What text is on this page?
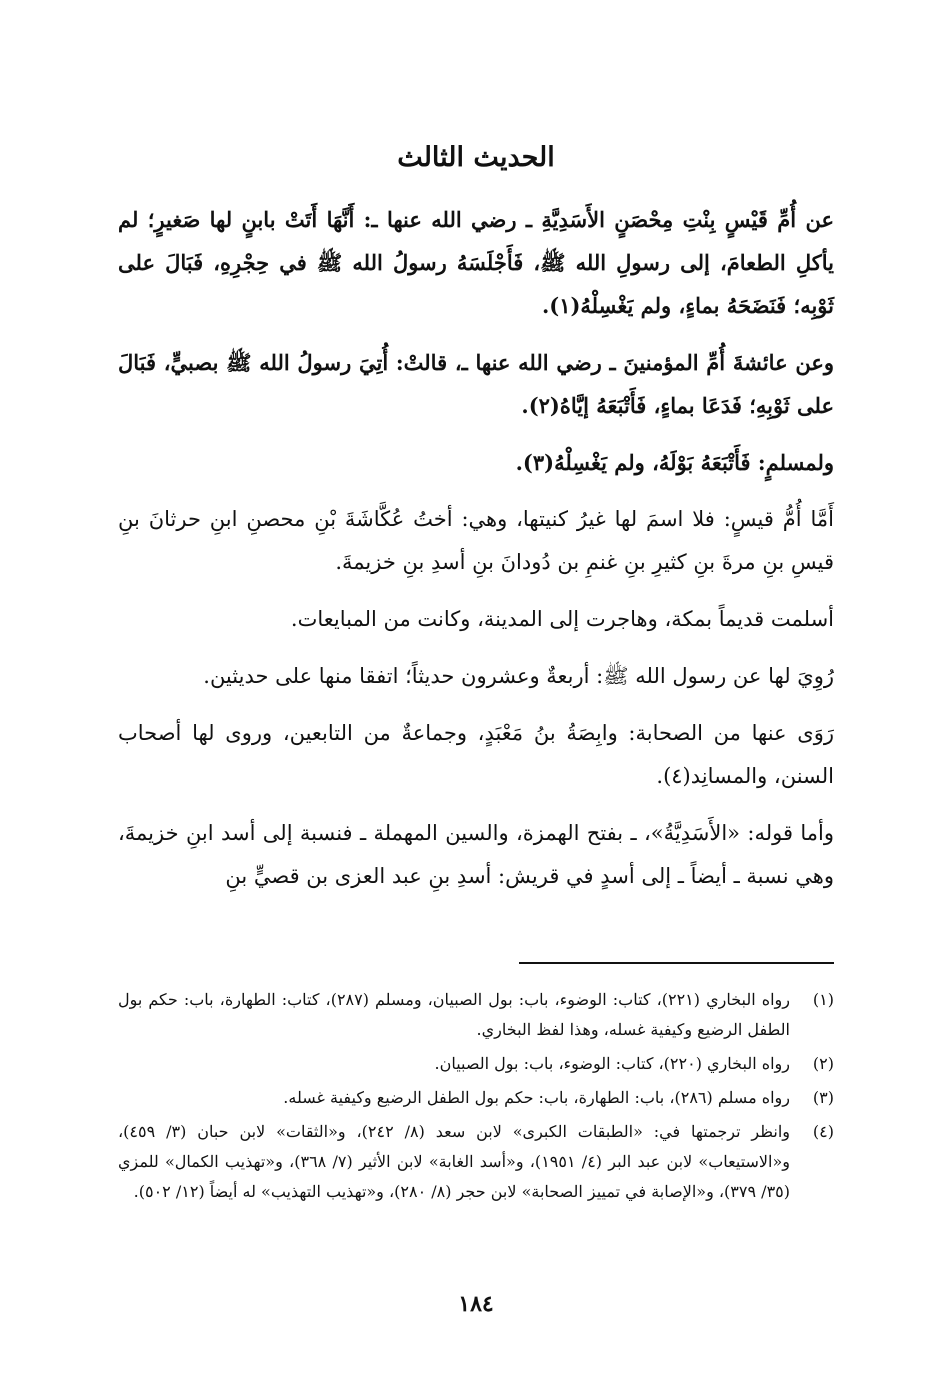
الحديث الثالث

عن أُمِّ قَيْسٍ بِنْتِ مِحْصَنٍ الأَسَدِيَّةِ ـ رضي الله عنها ـ: أَنَّهَا أَتَتْ بابنٍ لها صَغيرٍ؛ لم يأكلِ الطعامَ، إلى رسولِ الله ﷺ، فَأَجْلَسَهُ رسولُ الله ﷺ في حِجْرِهِ، فَبَالَ على ثَوْبِه؛ فَنَضَحَهُ بماءٍ، ولم يَغْسِلْهُ(١).

وعن عائشةَ أُمِّ المؤمنينَ ـ رضي الله عنها ـ، قالتْ: أُتِيَ رسولُ الله ﷺ بصبيٍّ، فَبَالَ على ثَوْبِهِ؛ فَدَعَا بماءٍ، فَأَتْبَعَهُ إيَّاهُ(٢).

ولمسلمٍ: فَأَتْبَعَهُ بَوْلَهُ، ولم يَغْسِلْهُ(٣).

أَمَّا أُمُّ قيسٍ: فلا اسمَ لها غيرُ كنيتها، وهي: أختُ عُكَّاشَةَ بْنِ محصنِ ابنِ حرثانَ بنِ قيسِ بنِ مرةَ بنِ كثيرِ بنِ غنمِ بن دُودانَ بنِ أسدِ بنِ خزيمةَ.

أسلمت قديماً بمكة، وهاجرت إلى المدينة، وكانت من المبايعات.

رُوِيَ لها عن رسول الله ﷺ: أربعةٌ وعشرون حديثاً؛ اتفقا منها على حديثين.

رَوَى عنها من الصحابة: وابِصَةُ بنُ مَعْبَدٍ، وجماعةٌ من التابعين، وروى لها أصحاب السنن، والمسانِد(٤).

وأما قوله: «الأَسَدِيَّةُ»، ـ بفتح الهمزة، والسين المهملة ـ فنسبة إلى أسد ابنِ خزيمةَ، وهي نسبة ـ أيضاً ـ إلى أسدٍ في قريش: أسدِ بنِ عبد العزى بن قصيٍّ بنِ

(١)
رواه البخاري (٢٢١)، كتاب: الوضوء، باب: بول الصبيان، ومسلم (٢٨٧)، كتاب: الطهارة، باب: حكم بول الطفل الرضيع وكيفية غسله، وهذا لفظ البخاري.
(٢)
رواه البخاري (٢٢٠)، كتاب: الوضوء، باب: بول الصبيان.
(٣)
رواه مسلم (٢٨٦)، باب: الطهارة، باب: حكم بول الطفل الرضيع وكيفية غسله.
(٤)
وانظر ترجمتها في: «الطبقات الكبرى» لابن سعد (٨/ ٢٤٢)، و«الثقات» لابن حبان (٣/ ٤٥٩)، و«الاستيعاب» لابن عبد البر (٤/ ١٩٥١)، و«أسد الغابة» لابن الأثير (٧/ ٣٦٨)، و«تهذيب الكمال» للمزي (٣٥/ ٣٧٩)، و«الإصابة في تمييز الصحابة» لابن حجر (٨/ ٢٨٠)، و«تهذيب التهذيب» له أيضاً (١٢/ ٥٠٢).
١٨٤
